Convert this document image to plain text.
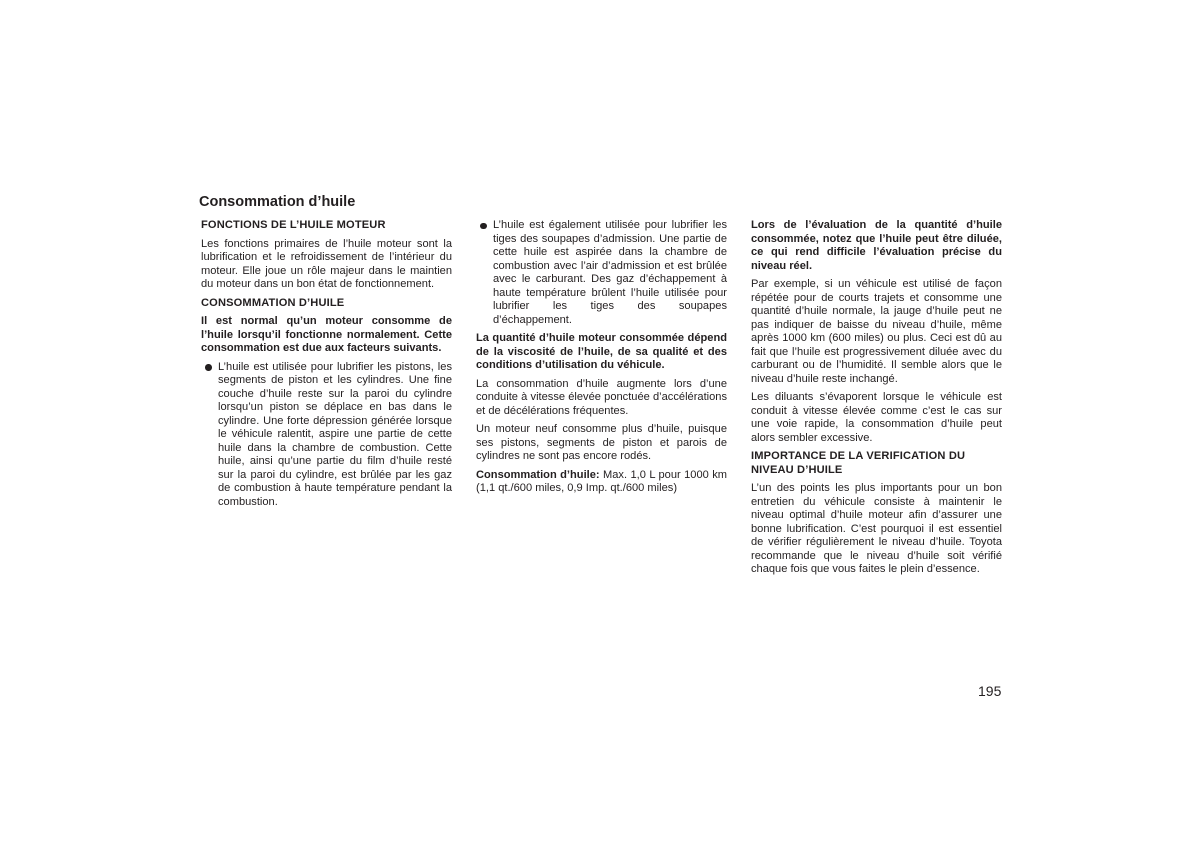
Consommation d’huile

FONCTIONS DE L’HUILE MOTEUR

Les fonctions primaires de l’huile moteur sont la lubrification et le refroidissement de l’intérieur du moteur. Elle joue un rôle majeur dans le maintien du moteur dans un bon état de fonctionnement.

CONSOMMATION D’HUILE

Il est normal qu’un moteur consomme de l’huile lorsqu’il fonctionne normalement. Cette consommation est due aux facteurs suivants.

L’huile est utilisée pour lubrifier les pistons, les segments de piston et les cylindres. Une fine couche d’huile reste sur la paroi du cylindre lorsqu’un piston se déplace en bas dans le cylindre. Une forte dépression générée lorsque le véhicule ralentit, aspire une partie de cette huile dans la chambre de combustion. Cette huile, ainsi qu’une partie du film d’huile resté sur la paroi du cylindre, est brûlée par les gaz de combustion à haute température pendant la combustion.

L’huile est également utilisée pour lubrifier les tiges des soupapes d’admission. Une partie de cette huile est aspirée dans la chambre de combustion avec l’air d’admission et est brûlée avec le carburant. Des gaz d’échappement à haute température brûlent l’huile utilisée pour lubrifier les tiges des soupapes d’échappement.

La quantité d’huile moteur consommée dépend de la viscosité de l’huile, de sa qualité et des conditions d’utilisation du véhicule.

La consommation d’huile augmente lors d’une conduite à vitesse élevée ponctuée d’accélérations et de décélérations fréquentes.

Un moteur neuf consomme plus d’huile, puisque ses pistons, segments de piston et parois de cylindres ne sont pas encore rodés.

Consommation d’huile: Max. 1,0 L pour 1000 km (1,1 qt./600 miles, 0,9 Imp. qt./600 miles)

Lors de l’évaluation de la quantité d’huile consommée, notez que l’huile peut être diluée, ce qui rend difficile l’évaluation précise du niveau réel.

Par exemple, si un véhicule est utilisé de façon répétée pour de courts trajets et consomme une quantité d’huile normale, la jauge d’huile peut ne pas indiquer de baisse du niveau d’huile, même après 1000 km (600 miles) ou plus. Ceci est dû au fait que l’huile est progressivement diluée avec du carburant ou de l’humidité. Il semble alors que le niveau d’huile reste inchangé.

Les diluants s’évaporent lorsque le véhicule est conduit à vitesse élevée comme c’est le cas sur une voie rapide, la consommation d’huile peut alors sembler excessive.

IMPORTANCE DE LA VERIFICATION DU NIVEAU D’HUILE

L’un des points les plus importants pour un bon entretien du véhicule consiste à maintenir le niveau optimal d’huile moteur afin d’assurer une bonne lubrification. C’est pourquoi il est essentiel de vérifier régulièrement le niveau d’huile. Toyota recommande que le niveau d’huile soit vérifié chaque fois que vous faites le plein d’essence.

195
